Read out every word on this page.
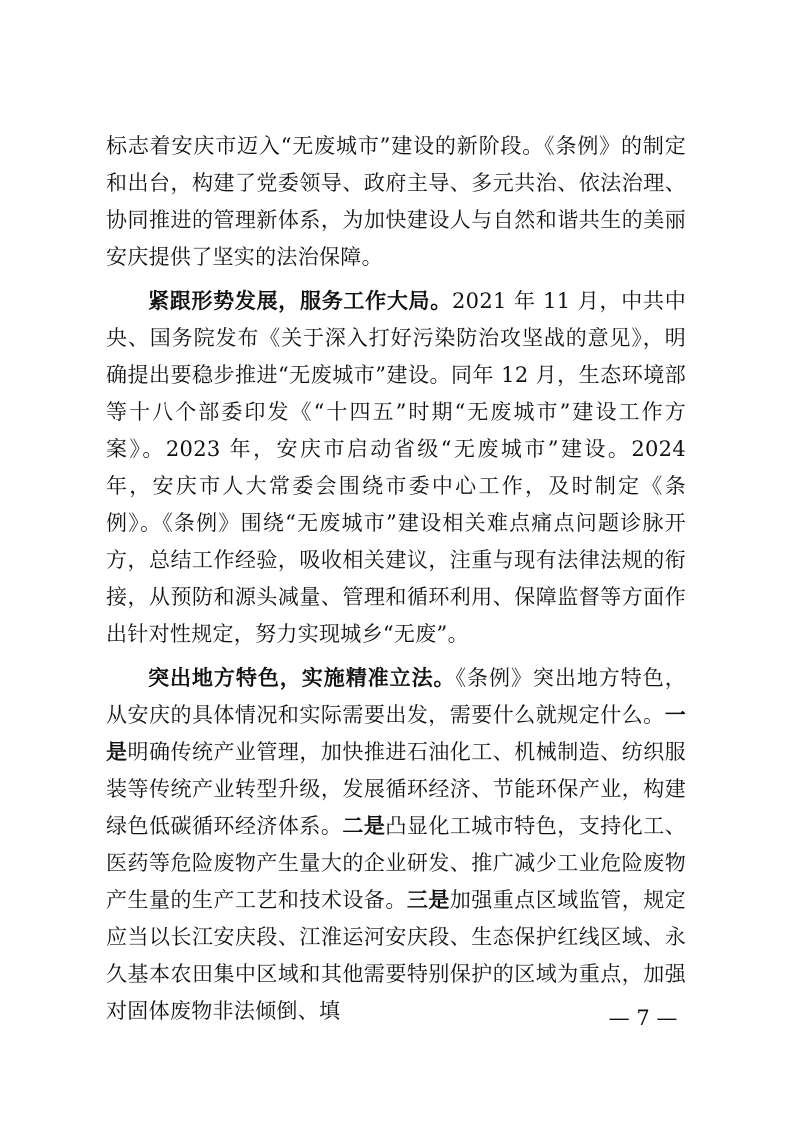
标志着安庆市迈入“无废城市”建设的新阶段。《条例》的制定和出台，构建了党委领导、政府主导、多元共治、依法治理、协同推进的管理新体系，为加快建设人与自然和谐共生的美丽安庆提供了坚实的法治保障。

紧跟形势发展，服务工作大局。2021 年 11 月，中共中央、国务院发布《关于深入打好污染防治攻坚战的意见》，明确提出要稳步推进“无废城市”建设。同年 12 月，生态环境部等十八个部委印发《“十四五”时期“无废城市”建设工作方案》。2023 年，安庆市启动省级“无废城市”建设。2024 年，安庆市人大常委会围绕市委中心工作，及时制定《条例》。《条例》围绕“无废城市”建设相关难点痛点问题诊脉开方，总结工作经验，吸收相关建议，注重与现有法律法规的衔接，从预防和源头减量、管理和循环利用、保障监督等方面作出针对性规定，努力实现城乡“无废”。

突出地方特色，实施精准立法。《条例》突出地方特色，从安庆的具体情况和实际需要出发，需要什么就规定什么。一是明确传统产业管理，加快推进石油化工、机械制造、纺织服装等传统产业转型升级，发展循环经济、节能环保产业，构建绿色低碳循环经济体系。二是凸显化工城市特色，支持化工、医药等危险废物产生量大的企业研发、推广减少工业危险废物产生量的生产工艺和技术设备。三是加强重点区域监管，规定应当以长江安庆段、江淮运河安庆段、生态保护红线区域、永久基本农田集中区域和其他需要特别保护的区域为重点，加强对固体废物非法倾倒、填	— 7 —
